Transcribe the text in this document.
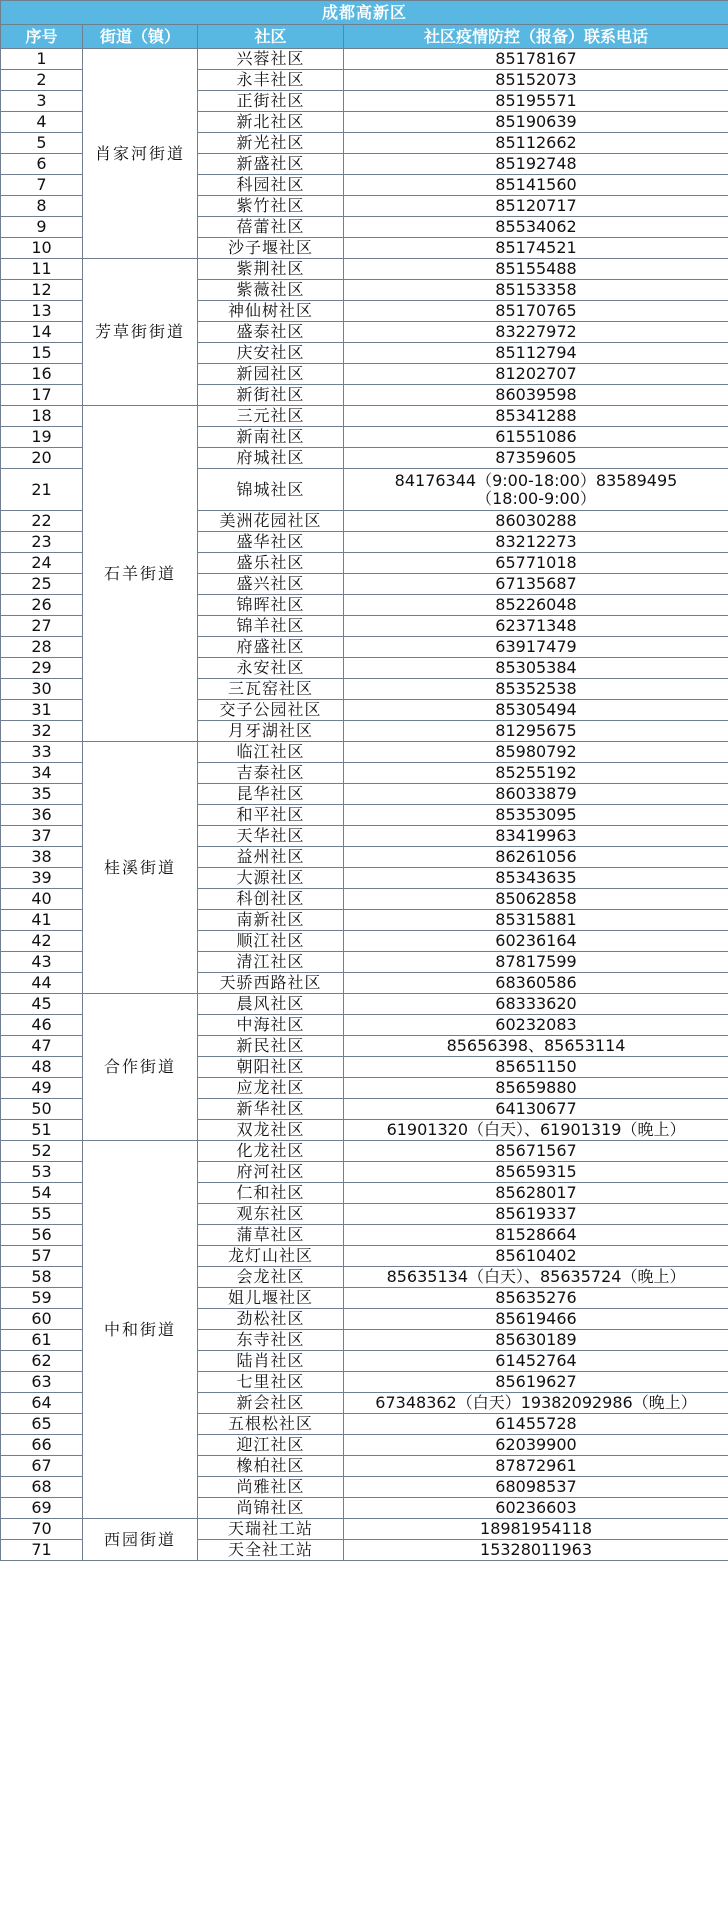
成都高新区			
序号	街道（镇）	社区	社区疫情防控（报备）联系电话
1	肖家河街道	兴蓉社区	85178167
2		永丰社区	85152073
3		正街社区	85195571
4		新北社区	85190639
5		新光社区	85112662
6		新盛社区	85192748
7		科园社区	85141560
8		紫竹社区	85120717
9		蓓蕾社区	85534062
10		沙子堰社区	85174521
11	芳草街街道	紫荆社区	85155488
12		紫薇社区	85153358
13		神仙树社区	85170765
14		盛泰社区	83227972
15		庆安社区	85112794
16		新园社区	81202707
17		新街社区	86039598
18	石羊街道	三元社区	85341288
19		新南社区	61551086
20		府城社区	87359605
21		锦城社区	84176344（9:00-18:00）83589495（18:00-9:00）
22		美洲花园社区	86030288
23		盛华社区	83212273
24		盛乐社区	65771018
25		盛兴社区	67135687
26		锦晖社区	85226048
27		锦羊社区	62371348
28		府盛社区	63917479
29		永安社区	85305384
30		三瓦窑社区	85352538
31		交子公园社区	85305494
32		月牙湖社区	81295675
33	桂溪街道	临江社区	85980792
34		吉泰社区	85255192
35		昆华社区	86033879
36		和平社区	85353095
37		天华社区	83419963
38		益州社区	86261056
39		大源社区	85343635
40		科创社区	85062858
41		南新社区	85315881
42		顺江社区	60236164
43		清江社区	87817599
44		天骄西路社区	68360586
45	合作街道	晨风社区	68333620
46		中海社区	60232083
47		新民社区	85656398、85653114
48		朝阳社区	85651150
49		应龙社区	85659880
50		新华社区	64130677
51		双龙社区	61901320（白天）、61901319（晚上）
52	中和街道	化龙社区	85671567
53		府河社区	85659315
54		仁和社区	85628017
55		观东社区	85619337
56		蒲草社区	81528664
57		龙灯山社区	85610402
58		会龙社区	85635134（白天）、85635724（晚上）
59		姐儿堰社区	85635276
60		劲松社区	85619466
61		东寺社区	85630189
62		陆肖社区	61452764
63		七里社区	85619627
64		新会社区	67348362（白天）19382092986（晚上）
65		五根松社区	61455728
66		迎江社区	62039900
67		橡柏社区	87872961
68		尚雅社区	68098537
69		尚锦社区	60236603
70	西园街道	天瑞社工站	18981954118
71		天全社工站	15328011963
